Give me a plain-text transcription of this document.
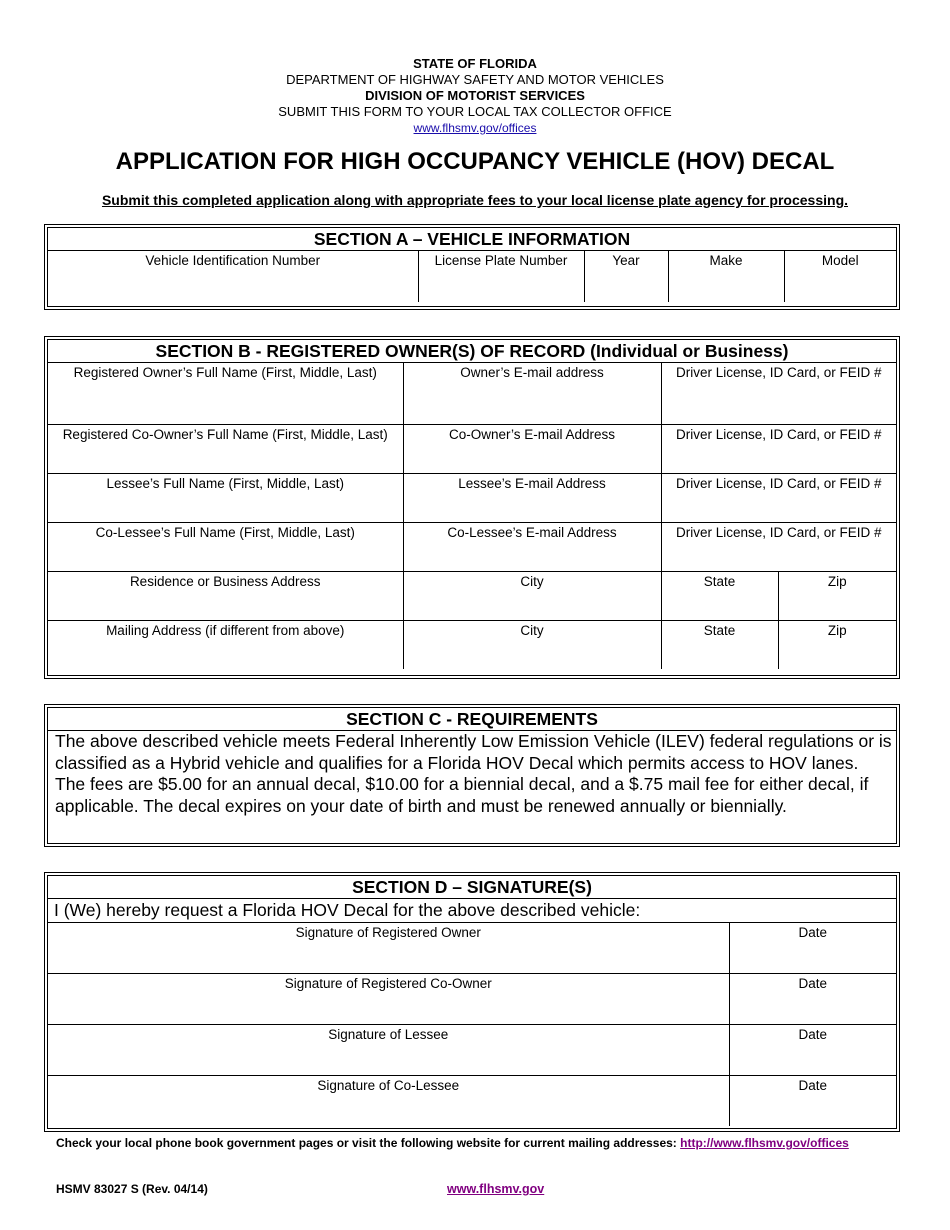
STATE OF FLORIDA
DEPARTMENT OF HIGHWAY SAFETY AND MOTOR VEHICLES
DIVISION OF MOTORIST SERVICES
SUBMIT THIS FORM TO YOUR LOCAL TAX COLLECTOR OFFICE
www.flhsmv.gov/offices
APPLICATION FOR HIGH OCCUPANCY VEHICLE (HOV) DECAL
Submit this completed application along with appropriate fees to your local license plate agency for processing.
SECTION A – VEHICLE INFORMATION
Vehicle Identification Number	License Plate Number	Year	Make	Model
SECTION B - REGISTERED OWNER(S) OF RECORD (Individual or Business)
Registered Owner’s Full Name (First, Middle, Last)	Owner’s E-mail address	Driver License, ID Card, or FEID #	
Registered Co-Owner’s Full Name (First, Middle, Last)	Co-Owner’s E-mail Address	Driver License, ID Card, or FEID #	
Lessee’s Full Name (First, Middle, Last)	Lessee’s E-mail Address	Driver License, ID Card, or FEID #	
Co-Lessee’s Full Name (First, Middle, Last)	Co-Lessee’s E-mail Address	Driver License, ID Card, or FEID #	
Residence or Business Address	City	State	Zip
Mailing Address (if different from above)	City	State	Zip
SECTION C - REQUIREMENTS
The above described vehicle meets Federal Inherently Low Emission Vehicle (ILEV) federal regulations or is classified as a Hybrid vehicle and qualifies for a Florida HOV Decal which permits access to HOV lanes. The fees are $5.00 for an annual decal, $10.00 for a biennial decal, and a $.75 mail fee for either decal, if applicable. The decal expires on your date of birth and must be renewed annually or biennially.
SECTION D – SIGNATURE(S)
I (We) hereby request a Florida HOV Decal for the above described vehicle:
Signature of Registered Owner	Date
Signature of Registered Co-Owner	Date
Signature of Lessee	Date
Signature of Co-Lessee	Date
Check your local phone book government pages or visit the following website for current mailing addresses: http://www.flhsmv.gov/offices
HSMV 83027 S (Rev. 04/14)	www.flhsmv.gov
